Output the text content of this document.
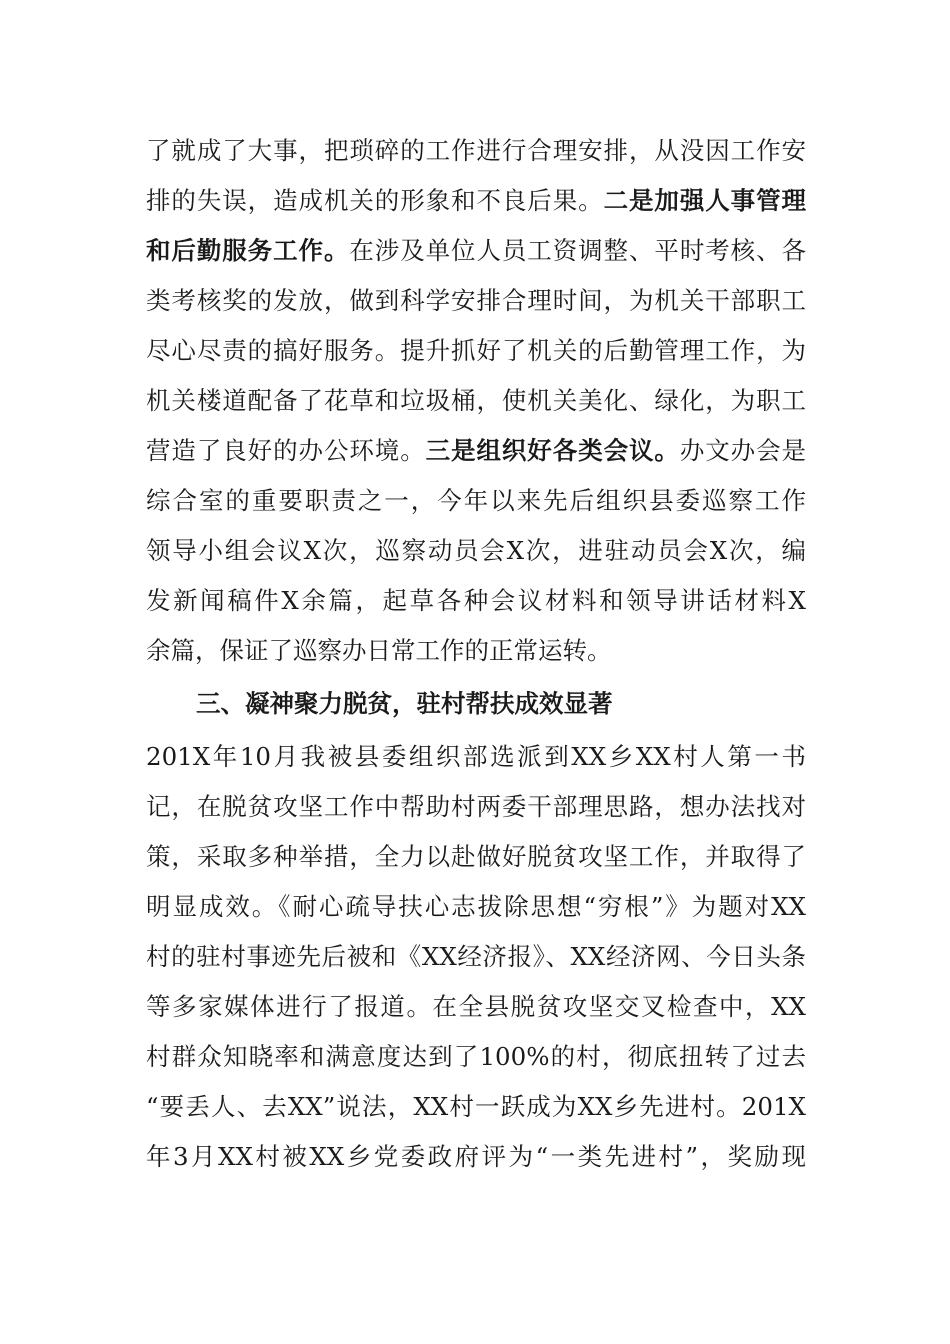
了就成了大事，把琐碎的工作进行合理安排，从没因工作安
排的失误，造成机关的形象和不良后果。二是加强人事管理
和后勤服务工作。在涉及单位人员工资调整、平时考核、各
类考核奖的发放，做到科学安排合理时间，为机关干部职工
尽心尽责的搞好服务。提升抓好了机关的后勤管理工作，为
机关楼道配备了花草和垃圾桶，使机关美化、绿化，为职工
营造了良好的办公环境。三是组织好各类会议。办文办会是
综合室的重要职责之一，今年以来先后组织县委巡察工作
领导小组会议X次，巡察动员会X次，进驻动员会X次，编
发新闻稿件X余篇，起草各种会议材料和领导讲话材料X
余篇，保证了巡察办日常工作的正常运转。
三、凝神聚力脱贫，驻村帮扶成效显著
201X年10月我被县委组织部选派到XX乡XX村人第一书
记，在脱贫攻坚工作中帮助村两委干部理思路，想办法找对
策，采取多种举措，全力以赴做好脱贫攻坚工作，并取得了
明显成效。《耐心疏导扶心志拔除思想“穷根”》为题对XX
村的驻村事迹先后被和《XX经济报》、XX经济网、今日头条
等多家媒体进行了报道。在全县脱贫攻坚交叉检查中，XX
村群众知晓率和满意度达到了100%的村，彻底扭转了过去
“要丢人、去XX”说法，XX村一跃成为XX乡先进村。201X
年3月XX村被XX乡党委政府评为“一类先进村”，奖励现
